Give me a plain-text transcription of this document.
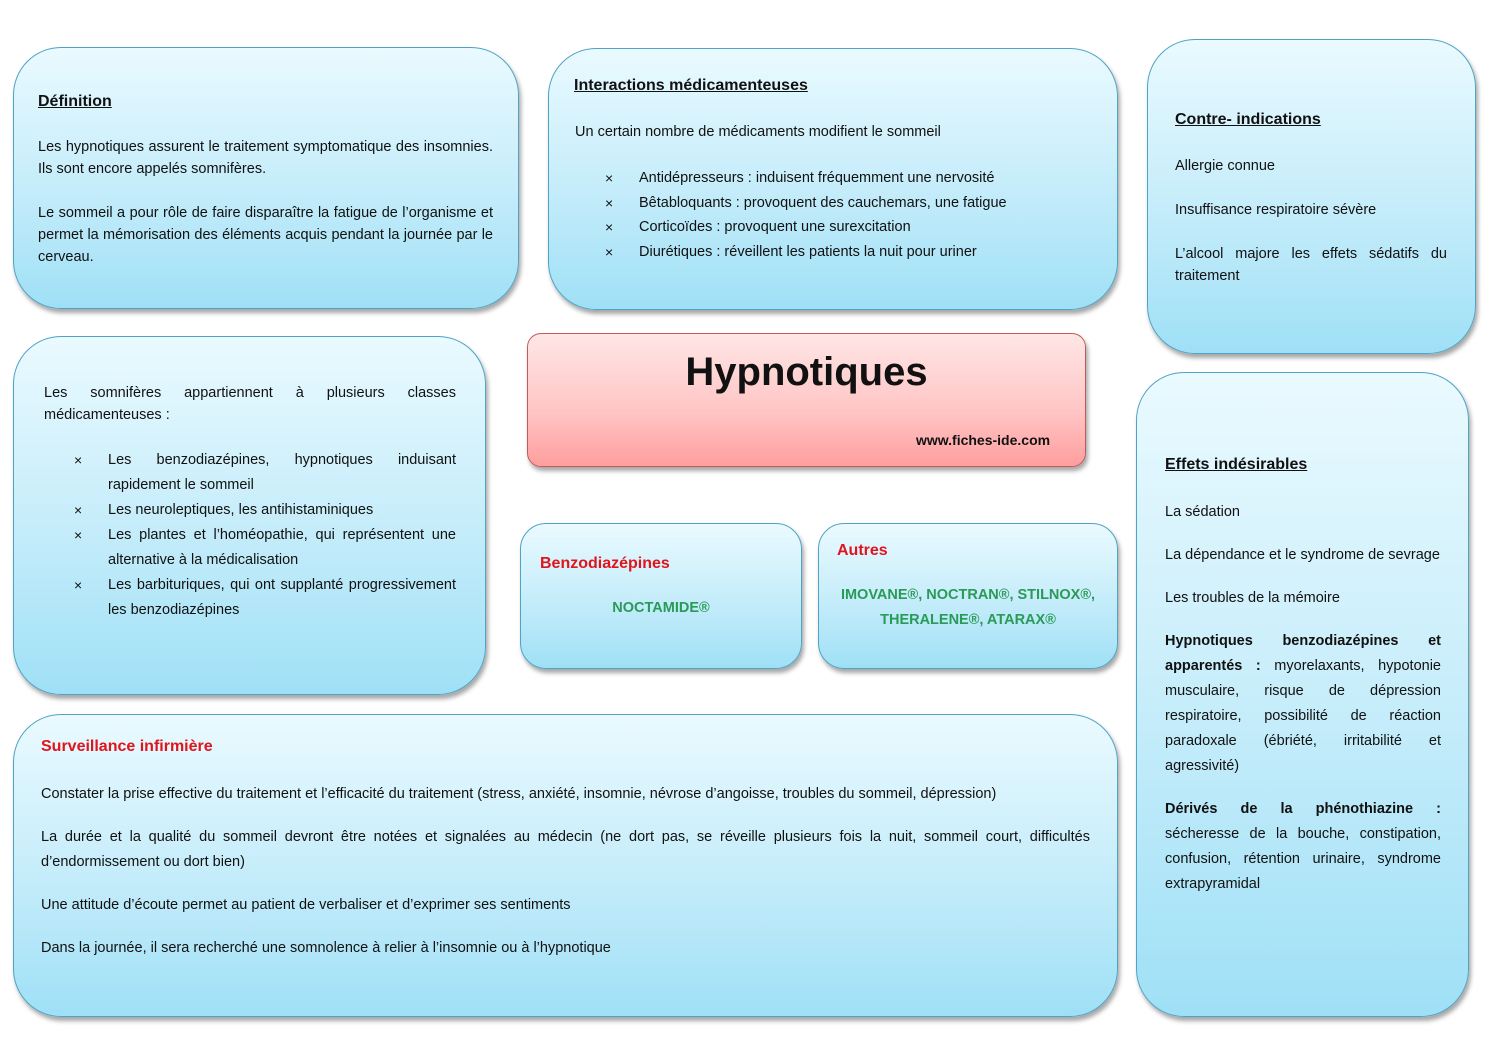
Définition

Les hypnotiques assurent le traitement symptomatique des insomnies. Ils sont encore appelés somnifères.

Le sommeil a pour rôle de faire disparaître la fatigue de l’organisme et permet la mémorisation des éléments acquis pendant la journée par le cerveau.

Interactions médicamenteuses
Un certain nombre de médicaments modifient le sommeil
× Antidépresseurs : induisent fréquemment une nervosité
× Bêtabloquants : provoquent des cauchemars, une fatigue
× Corticoïdes : provoquent une surexcitation
× Diurétiques : réveillent les patients la nuit pour uriner
Contre- indications

Allergie connue

Insuffisance respiratoire sévère

L’alcool majore les effets sédatifs du traitement

Les somnifères appartiennent à plusieurs classes médicamenteuses :
× Les benzodiazépines, hypnotiques induisant rapidement le sommeil
× Les neuroleptiques, les antihistaminiques
× Les plantes et l’homéopathie, qui représentent une alternative à la médicalisation
× Les barbituriques, qui ont supplanté progressivement les benzodiazépines
Hypnotiques
www.fiches-ide.com
Benzodiazépines
NOCTAMIDE®
Autres
IMOVANE®, NOCTRAN®, STILNOX®,
THERALENE®, ATARAX®
Effets indésirables

La sédation

La dépendance et le syndrome de sevrage

Les troubles de la mémoire

Hypnotiques benzodiazépines et apparentés : myorelaxants, hypotonie musculaire, risque de dépression respiratoire, possibilité de réaction paradoxale (ébriété, irritabilité et agressivité)

Dérivés de la phénothiazine : sécheresse de la bouche, constipation, confusion, rétention urinaire, syndrome extrapyramidal

Surveillance infirmière

Constater la prise effective du traitement et l’efficacité du traitement (stress, anxiété, insomnie, névrose d’angoisse, troubles du sommeil, dépression)

La durée et la qualité du sommeil devront être notées et signalées au médecin (ne dort pas, se réveille plusieurs fois la nuit, sommeil court, difficultés d’endormissement ou dort bien)

Une attitude d’écoute permet au patient de verbaliser et d’exprimer ses sentiments

Dans la journée, il sera recherché une somnolence à relier à l’insomnie ou à l’hypnotique
